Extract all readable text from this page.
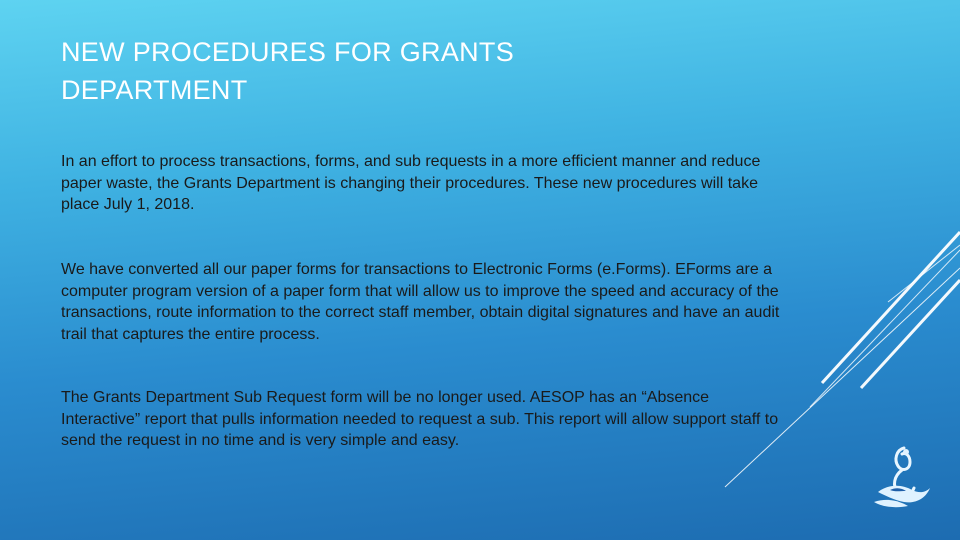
NEW PROCEDURES FOR GRANTS
DEPARTMENT

In an effort to process transactions, forms, and sub requests in a more efficient manner and reduce paper waste, the Grants Department is changing their procedures. These new procedures will take place July 1, 2018.

We have converted all our paper forms for transactions to Electronic Forms (e.Forms). EForms are a computer program version of a paper form that will allow us to improve the speed and accuracy of the transactions, route information to the correct staff member, obtain digital signatures and have an audit trail that captures the entire process.

The Grants Department Sub Request form will be no longer used. AESOP has an “Absence Interactive” report that pulls information needed to request a sub. This report will allow support staff to send the request in no time and is very simple and easy.
